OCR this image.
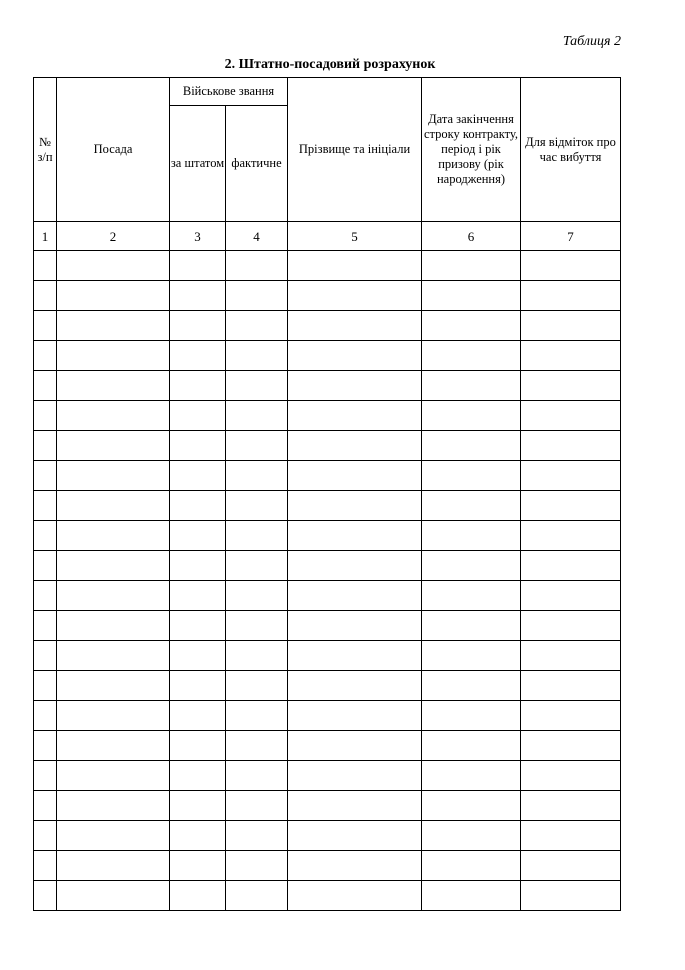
Таблиця 2
2. Штатно-посадовий розрахунок
№ з/п	Посада	Військове звання		Прізвище та ініціали	Дата закінчення строку контракту, період і рік призову (рік народження)	Для відміток про час вибуття
		за штатом	фактичне			
1	2	3	4	5	6	7
